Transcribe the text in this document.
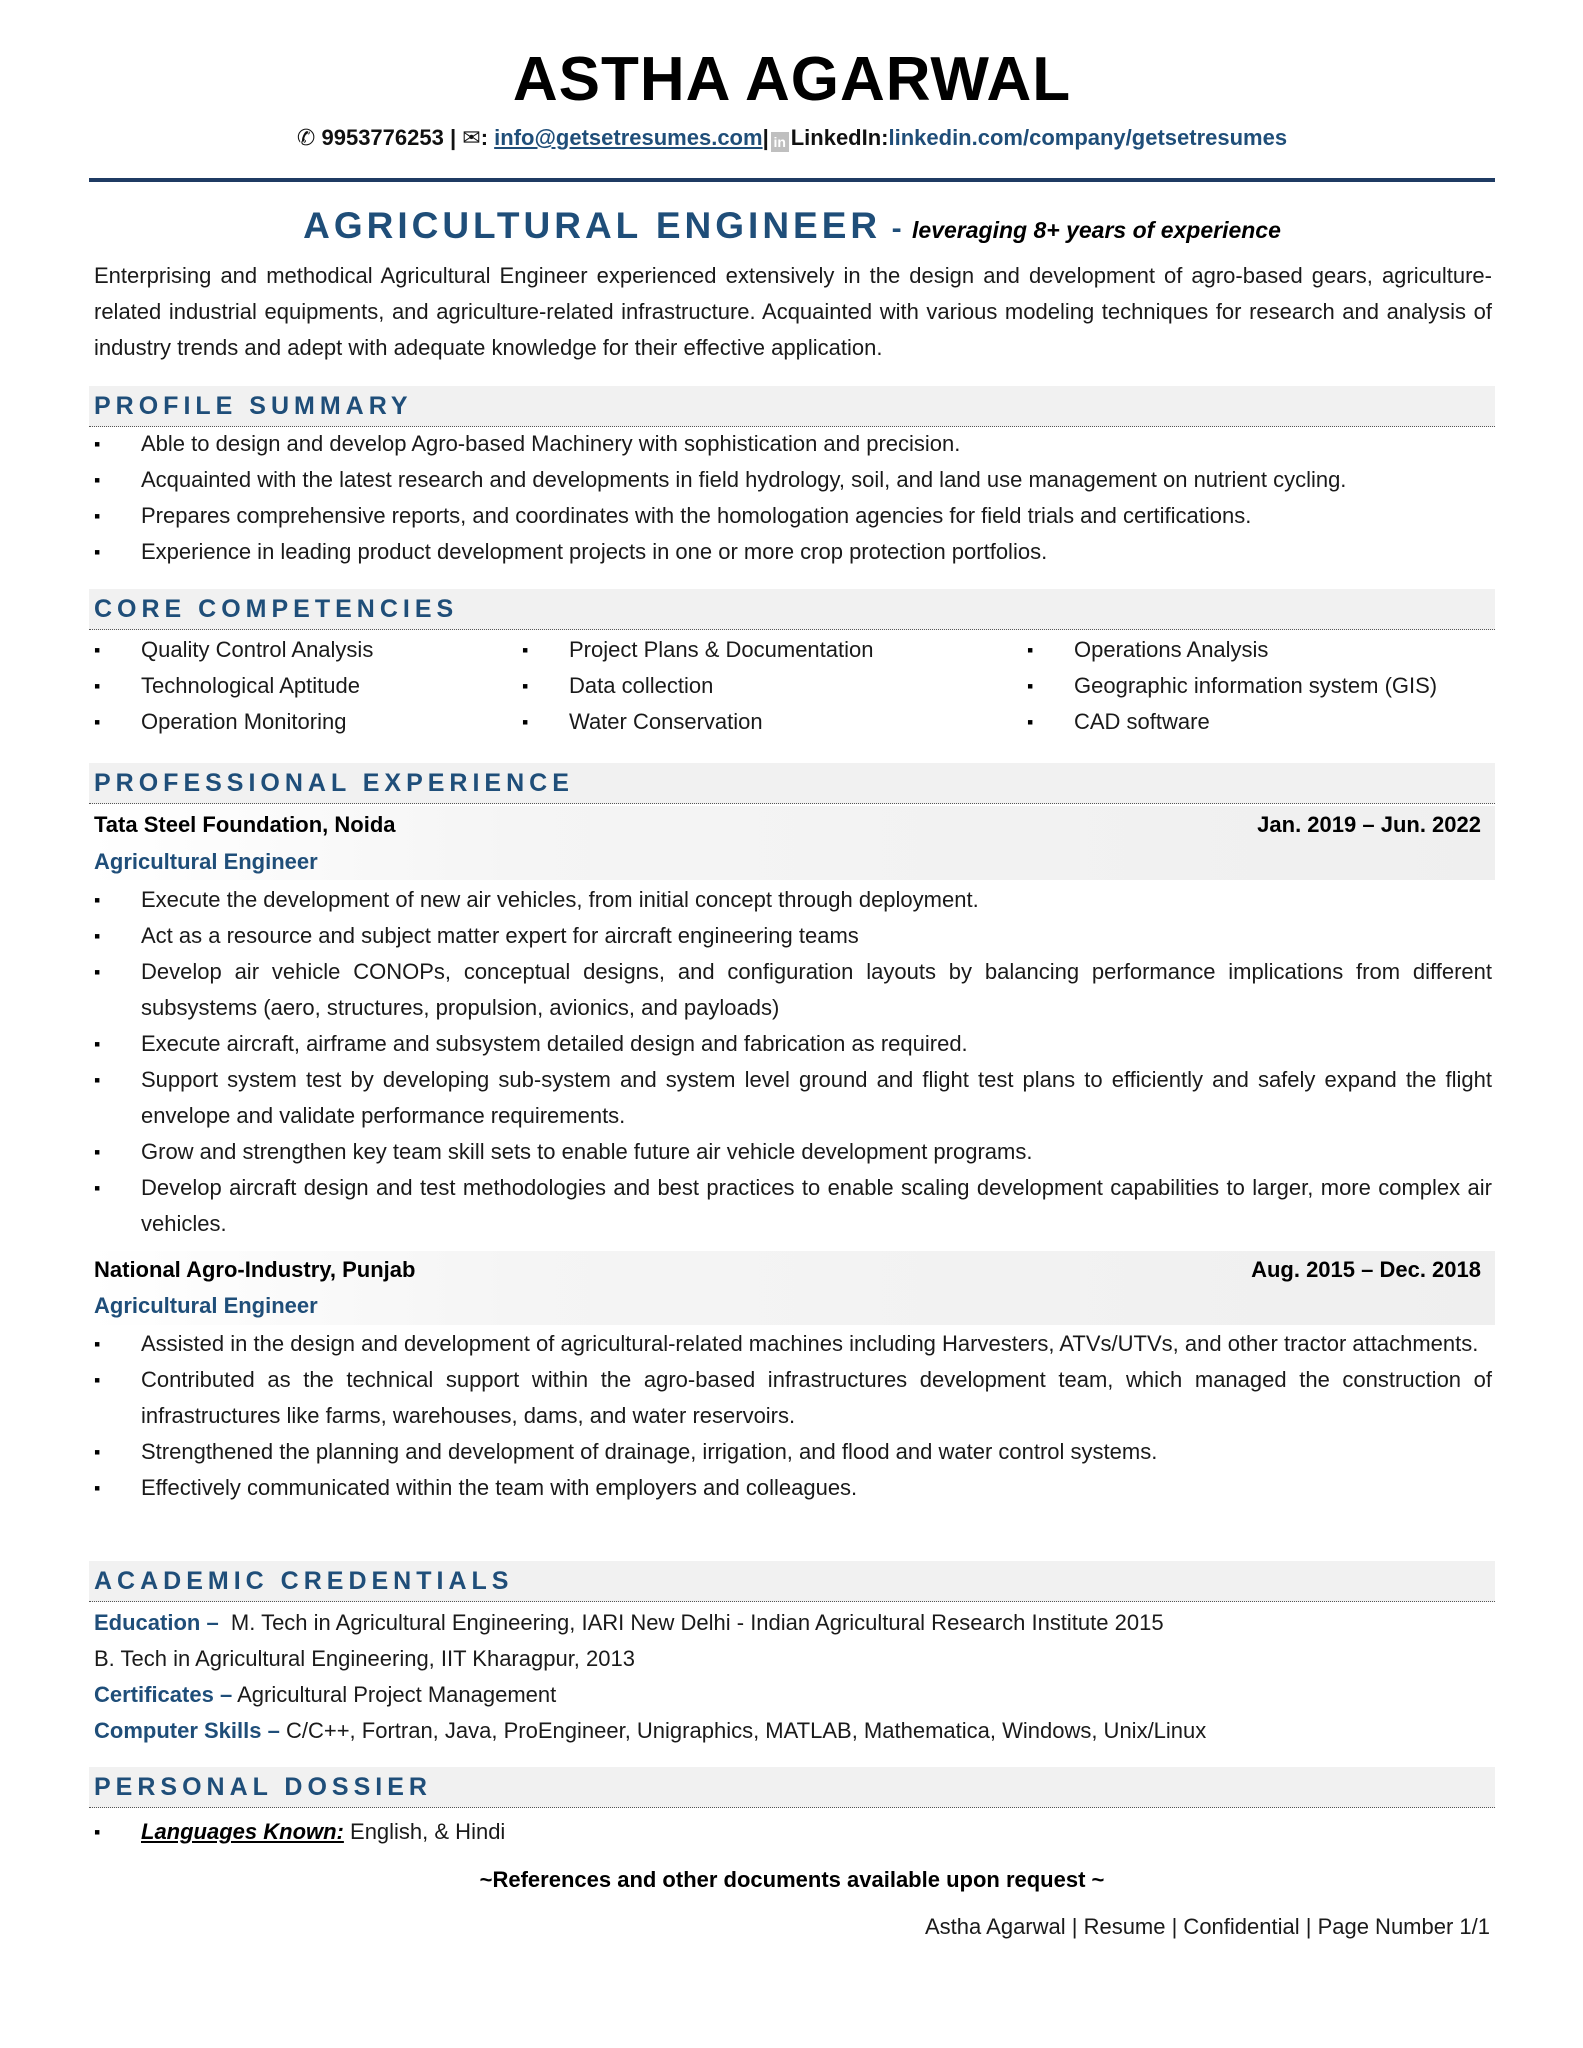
ASTHA AGARWAL
✆ 9953776253 | ✉: info@getsetresumes.com| in LinkedIn:linkedin.com/company/getsetresumes
AGRICULTURAL ENGINEER - leveraging 8+ years of experience
Enterprising and methodical Agricultural Engineer experienced extensively in the design and development of agro-based gears, agriculture-related industrial equipments, and agriculture-related infrastructure. Acquainted with various modeling techniques for research and analysis of industry trends and adept with adequate knowledge for their effective application.
PROFILE SUMMARY
▪ Able to design and develop Agro-based Machinery with sophistication and precision.
▪ Acquainted with the latest research and developments in field hydrology, soil, and land use management on nutrient cycling.
▪ Prepares comprehensive reports, and coordinates with the homologation agencies for field trials and certifications.
▪ Experience in leading product development projects in one or more crop protection portfolios.
CORE COMPETENCIES
▪ Quality Control Analysis
▪ Technological Aptitude
▪ Operation Monitoring
▪ Project Plans & Documentation
▪ Data collection
▪ Water Conservation
▪ Operations Analysis
▪ Geographic information system (GIS)
▪ CAD software
PROFESSIONAL EXPERIENCE
Tata Steel Foundation, Noida	Jan. 2019 – Jun. 2022
Agricultural Engineer
▪ Execute the development of new air vehicles, from initial concept through deployment.
▪ Act as a resource and subject matter expert for aircraft engineering teams
▪ Develop air vehicle CONOPs, conceptual designs, and configuration layouts by balancing performance implications from different subsystems (aero, structures, propulsion, avionics, and payloads)
▪ Execute aircraft, airframe and subsystem detailed design and fabrication as required.
▪ Support system test by developing sub-system and system level ground and flight test plans to efficiently and safely expand the flight envelope and validate performance requirements.
▪ Grow and strengthen key team skill sets to enable future air vehicle development programs.
▪ Develop aircraft design and test methodologies and best practices to enable scaling development capabilities to larger, more complex air vehicles.
National Agro-Industry, Punjab	Aug. 2015 – Dec. 2018
Agricultural Engineer
▪ Assisted in the design and development of agricultural-related machines including Harvesters, ATVs/UTVs, and other tractor attachments.
▪ Contributed as the technical support within the agro-based infrastructures development team, which managed the construction of infrastructures like farms, warehouses, dams, and water reservoirs.
▪ Strengthened the planning and development of drainage, irrigation, and flood and water control systems.
▪ Effectively communicated within the team with employers and colleagues.
ACADEMIC CREDENTIALS
Education – M. Tech in Agricultural Engineering, IARI New Delhi - Indian Agricultural Research Institute 2015
B. Tech in Agricultural Engineering, IIT Kharagpur, 2013
Certificates – Agricultural Project Management
Computer Skills – C/C++, Fortran, Java, ProEngineer, Unigraphics, MATLAB, Mathematica, Windows, Unix/Linux
PERSONAL DOSSIER
▪ Languages Known: English, & Hindi
~References and other documents available upon request ~
Astha Agarwal | Resume | Confidential | Page Number 1/1
